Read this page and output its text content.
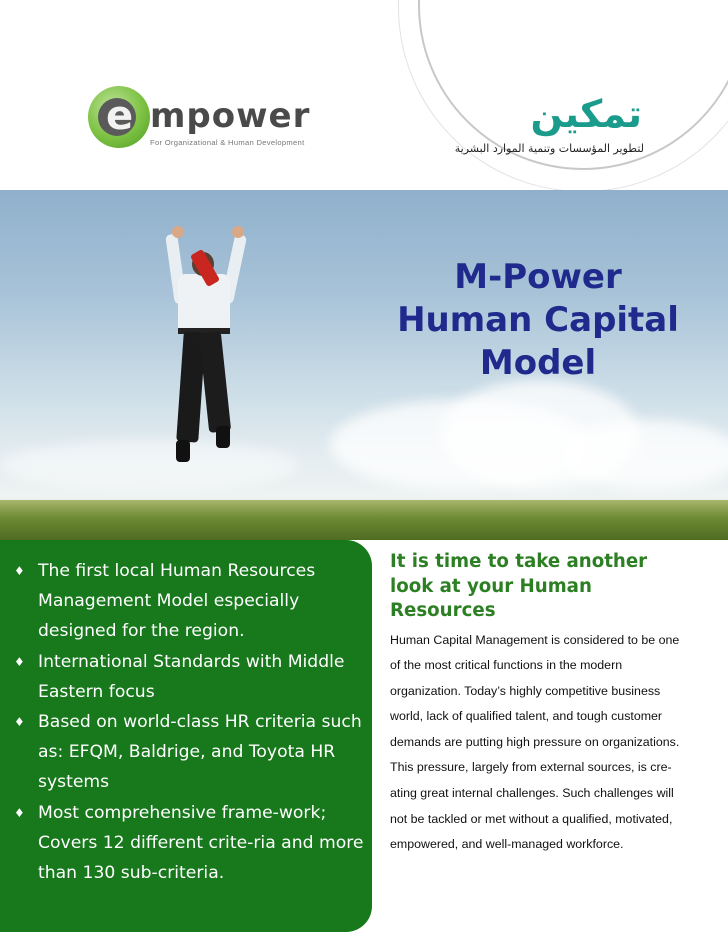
e mpower
For Organizational & Human Development
تمكين
لتطوير المؤسسات وتنمية الموارد البشرية
M-Power
Human Capital
Model
♦ The first local Human Resources Management Model especially designed for the region.
♦ International Standards with Middle Eastern focus
♦ Based on world-class HR criteria such as: EFQM, Baldrige, and Toyota HR systems
♦ Most comprehensive frame-work; Covers 12 different crite-ria and more than 130 sub-criteria.
It is time to take another look at your Human Resources

Human Capital Management is considered to be one of the most critical functions in the modern organization. Today’s highly competitive business world, lack of qualified talent, and tough customer demands are putting high pressure on organizations. This pressure, largely from external sources, is cre-ating great internal challenges. Such challenges will not be tackled or met without a qualified, motivated, empowered, and well-managed workforce.
